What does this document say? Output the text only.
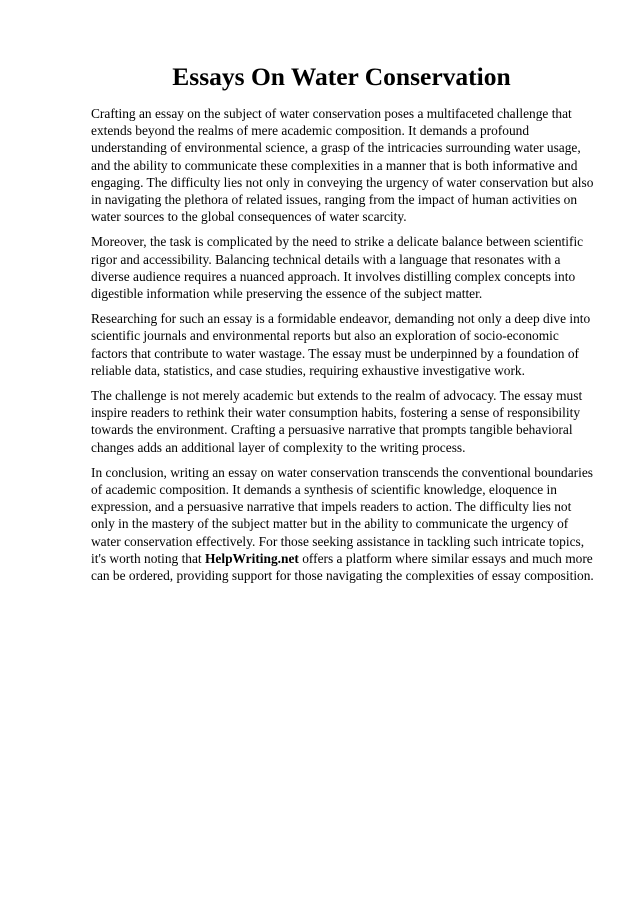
Essays On Water Conservation

Crafting an essay on the subject of water conservation poses a multifaceted challenge that extends beyond the realms of mere academic composition. It demands a profound understanding of environmental science, a grasp of the intricacies surrounding water usage, and the ability to communicate these complexities in a manner that is both informative and engaging. The difficulty lies not only in conveying the urgency of water conservation but also in navigating the plethora of related issues, ranging from the impact of human activities on water sources to the global consequences of water scarcity.

Moreover, the task is complicated by the need to strike a delicate balance between scientific rigor and accessibility. Balancing technical details with a language that resonates with a diverse audience requires a nuanced approach. It involves distilling complex concepts into digestible information while preserving the essence of the subject matter.

Researching for such an essay is a formidable endeavor, demanding not only a deep dive into scientific journals and environmental reports but also an exploration of socio-economic factors that contribute to water wastage. The essay must be underpinned by a foundation of reliable data, statistics, and case studies, requiring exhaustive investigative work.

The challenge is not merely academic but extends to the realm of advocacy. The essay must inspire readers to rethink their water consumption habits, fostering a sense of responsibility towards the environment. Crafting a persuasive narrative that prompts tangible behavioral changes adds an additional layer of complexity to the writing process.

In conclusion, writing an essay on water conservation transcends the conventional boundaries of academic composition. It demands a synthesis of scientific knowledge, eloquence in expression, and a persuasive narrative that impels readers to action. The difficulty lies not only in the mastery of the subject matter but in the ability to communicate the urgency of water conservation effectively. For those seeking assistance in tackling such intricate topics, it's worth noting that HelpWriting.net offers a platform where similar essays and much more can be ordered, providing support for those navigating the complexities of essay composition.
